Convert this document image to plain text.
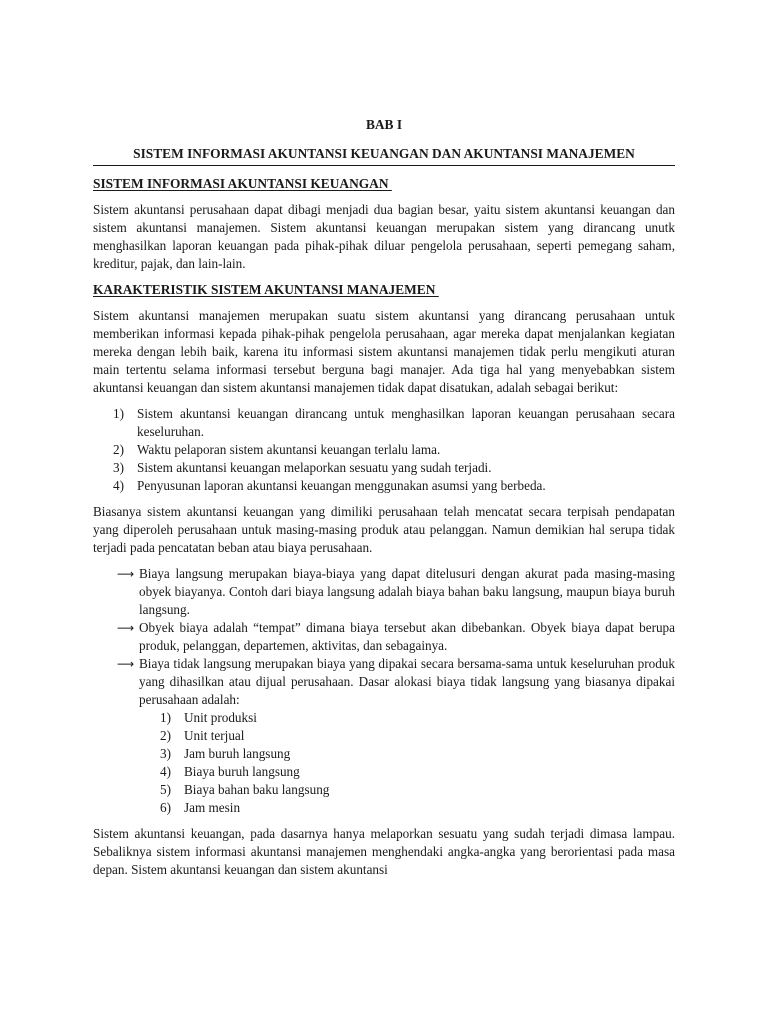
BAB I
SISTEM INFORMASI AKUNTANSI KEUANGAN DAN AKUNTANSI MANAJEMEN
SISTEM INFORMASI AKUNTANSI KEUANGAN

Sistem akuntansi perusahaan dapat dibagi menjadi dua bagian besar, yaitu sistem akuntansi keuangan dan sistem akuntansi manajemen. Sistem akuntansi keuangan merupakan sistem yang dirancang unutk menghasilkan laporan keuangan pada pihak-pihak diluar pengelola perusahaan, seperti pemegang saham, kreditur, pajak, dan lain-lain.

KARAKTERISTIK SISTEM AKUNTANSI MANAJEMEN

Sistem akuntansi manajemen merupakan suatu sistem akuntansi yang dirancang perusahaan untuk memberikan informasi kepada pihak-pihak pengelola perusahaan, agar mereka dapat menjalankan kegiatan mereka dengan lebih baik, karena itu informasi sistem akuntansi manajemen tidak perlu mengikuti aturan main tertentu selama informasi tersebut berguna bagi manajer. Ada tiga hal yang menyebabkan sistem akuntansi keuangan dan sistem akuntansi manajemen tidak dapat disatukan, adalah sebagai berikut:

1) Sistem akuntansi keuangan dirancang untuk menghasilkan laporan keuangan perusahaan secara keseluruhan.
2) Waktu pelaporan sistem akuntansi keuangan terlalu lama.
3) Sistem akuntansi keuangan melaporkan sesuatu yang sudah terjadi.
4) Penyusunan laporan akuntansi keuangan menggunakan asumsi yang berbeda.

Biasanya sistem akuntansi keuangan yang dimiliki perusahaan telah mencatat secara terpisah pendapatan yang diperoleh perusahaan untuk masing-masing produk atau pelanggan. Namun demikian hal serupa tidak terjadi pada pencatatan beban atau biaya perusahaan.

⟶ Biaya langsung merupakan biaya-biaya yang dapat ditelusuri dengan akurat pada masing-masing obyek biayanya. Contoh dari biaya langsung adalah biaya bahan baku langsung, maupun biaya buruh langsung.
⟶ Obyek biaya adalah “tempat” dimana biaya tersebut akan dibebankan. Obyek biaya dapat berupa produk, pelanggan, departemen, aktivitas, dan sebagainya.
⟶ Biaya tidak langsung merupakan biaya yang dipakai secara bersama-sama untuk keseluruhan produk yang dihasilkan atau dijual perusahaan. Dasar alokasi biaya tidak langsung yang biasanya dipakai perusahaan adalah:
1) Unit produksi
2) Unit terjual
3) Jam buruh langsung
4) Biaya buruh langsung
5) Biaya bahan baku langsung
6) Jam mesin

Sistem akuntansi keuangan, pada dasarnya hanya melaporkan sesuatu yang sudah terjadi dimasa lampau. Sebaliknya sistem informasi akuntansi manajemen menghendaki angka-angka yang berorientasi pada masa depan. Sistem akuntansi keuangan dan sistem akuntansi
